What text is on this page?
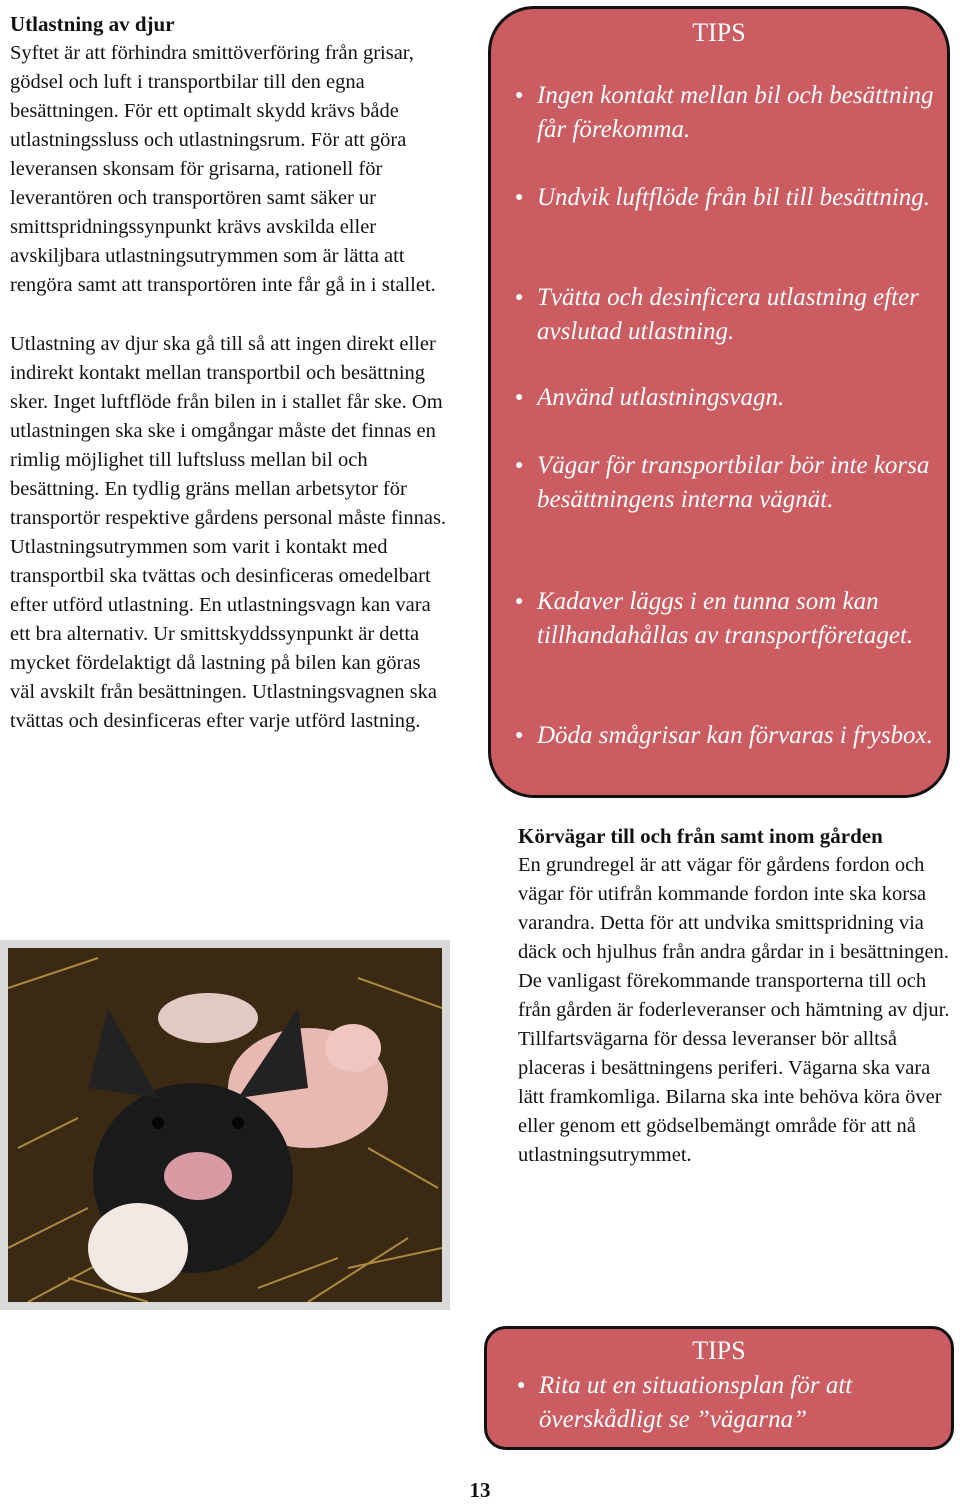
Utlastning av djur

Syftet är att förhindra smittöverföring från grisar, gödsel och luft i transportbilar till den egna besättningen. För ett optimalt skydd krävs både utlastningssluss och utlastningsrum. För att göra leveransen skonsam för grisarna, rationell för leverantören och transportören samt säker ur smittspridningssynpunkt krävs avskilda eller avskiljbara utlastningsutrymmen som är lätta att rengöra samt att transportören inte får gå in i stallet.

Utlastning av djur ska gå till så att ingen direkt eller indirekt kontakt mellan transportbil och besättning sker. Inget luftflöde från bilen in i stallet får ske. Om utlastningen ska ske i omgångar måste det finnas en rimlig möjlighet till luftsluss mellan bil och besättning. En tydlig gräns mellan arbetsytor för transportör respektive gårdens personal måste finnas. Utlastningsutrymmen som varit i kontakt med transportbil ska tvättas och desinficeras omedelbart efter utförd utlastning. En utlastningsvagn kan vara ett bra alternativ. Ur smittskyddssynpunkt är detta mycket fördelaktigt då lastning på bilen kan göras väl avskilt från besättningen. Utlastningsvagnen ska tvättas och desinficeras efter varje utförd lastning.

TIPS
● Ingen kontakt mellan bil och besättning får förekomma.
● Undvik luftflöde från bil till besättning.
● Tvätta och desinficera utlastning efter avslutad utlastning.
● Använd utlastningsvagn.
● Vägar för transportbilar bör inte korsa besättningens interna vägnät.
● Kadaver läggs i en tunna som kan tillhandahållas av transportföretaget.
● Döda smågrisar kan förvaras i frysbox.
Körvägar till och från samt inom gården

En grundregel är att vägar för gårdens fordon och vägar för utifrån kommande fordon inte ska korsa varandra. Detta för att undvika smittspridning via däck och hjulhus från andra gårdar in i besättningen. De vanligast förekommande transporterna till och från gården är foderleveranser och hämtning av djur. Tillfartsvägarna för dessa leveranser bör alltså placeras i besättningens periferi. Vägarna ska vara lätt framkomliga. Bilarna ska inte behöva köra över eller genom ett gödselbemängt område för att nå utlastningsutrymmet.

TIPS
● Rita ut en situationsplan för att överskådligt se ”vägarna”
13
